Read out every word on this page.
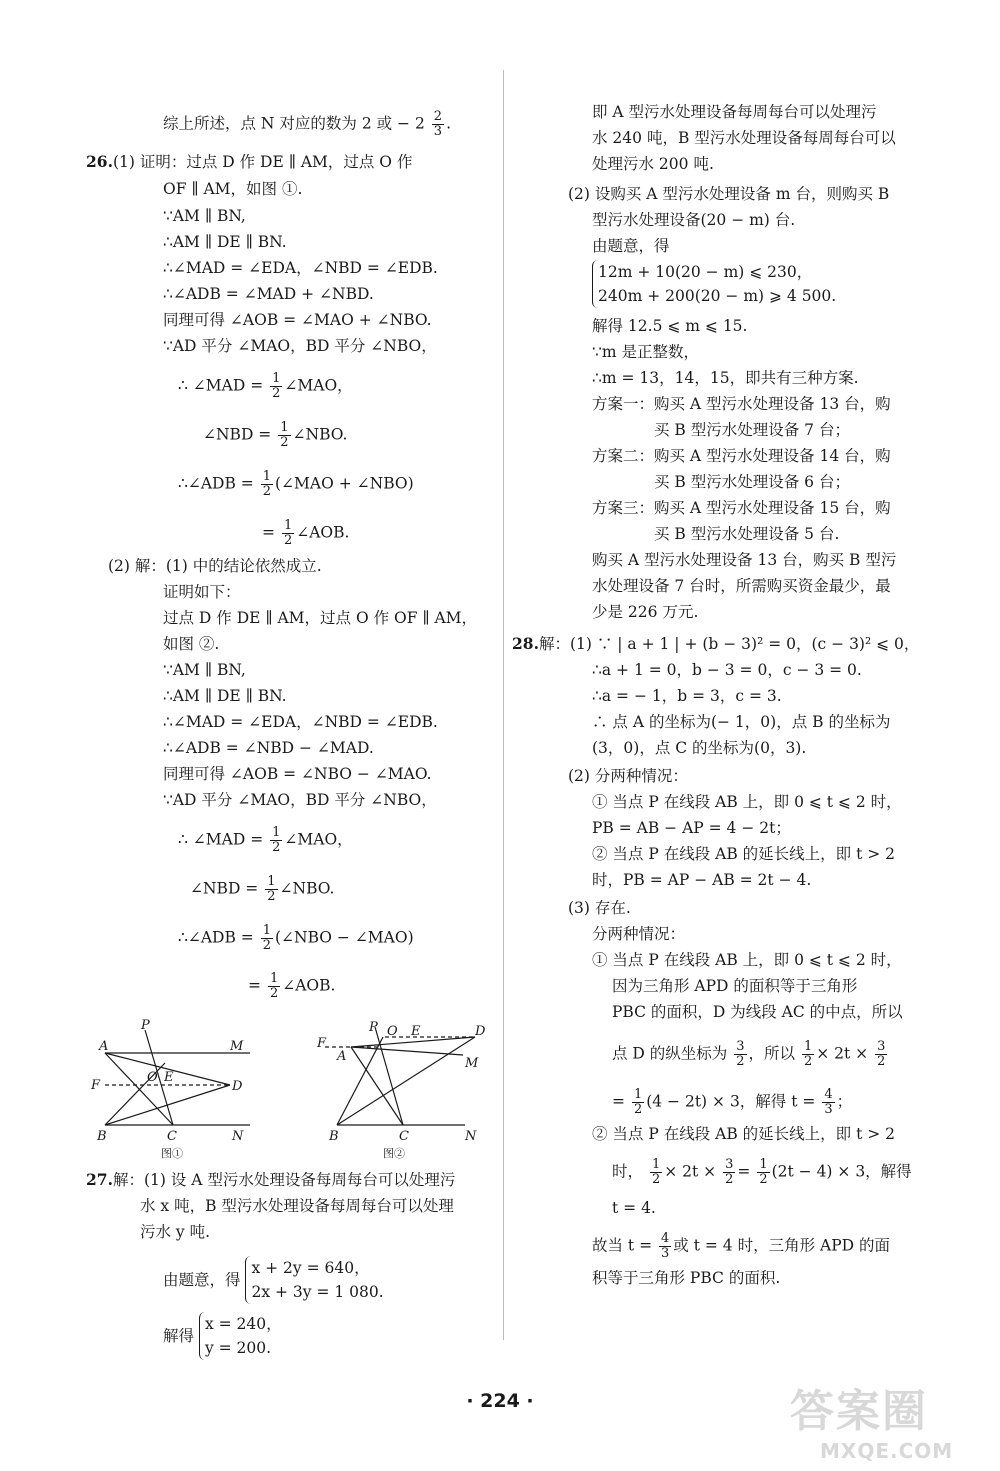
综上所述，点 N 对应的数为 2 或 − $2 \frac{2}{3}$ .
26.(1) 证明：过点 D 作 DE ∥ AM，过点 O 作
OF ∥ AM，如图 ①.
∵AM ∥ BN,
∴AM ∥ DE ∥ BN.
∴∠MAD = ∠EDA，∠NBD = ∠EDB.
∴∠ADB = ∠MAD + ∠NBD.
同理可得 ∠AOB = ∠MAO + ∠NBO.
∵AD 平分 ∠MAO，BD 平分 ∠NBO，
∴ ∠MAD = $\frac{1}{2}$ ∠MAO，
∠NBD = $\frac{1}{2}$ ∠NBO.
∴∠ADB = $\frac{1}{2}$ (∠MAO + ∠NBO)
= $\frac{1}{2}$ ∠AOB.
(2) 解：(1) 中的结论依然成立.
证明如下：
过点 D 作 DE ∥ AM，过点 O 作 OF ∥ AM，
如图 ②.
∵AM ∥ BN,
∴AM ∥ DE ∥ BN.
∴∠MAD = ∠EDA，∠NBD = ∠EDB.
∴∠ADB = ∠NBD − ∠MAD.
同理可得 ∠AOB = ∠NBO − ∠MAO.
∵AD 平分 ∠MAO，BD 平分 ∠NBO，
∴ ∠MAD = $\frac{1}{2}$ ∠MAO，
∠NBD = $\frac{1}{2}$ ∠NBO.
∴∠ADB = $\frac{1}{2}$ (∠NBO − ∠MAO)
= $\frac{1}{2}$ ∠AOB.
P
A	M
F
O E
D
B	C	N
图①
P O E	D
F
A	M
B	C	N
图②
27.解：(1) 设 A 型污水处理设备每周每台可以处理污
水 x 吨，B 型污水处理设备每周每台可以处理
污水 y 吨.
由题意，得
x + 2y = 640，
2x + 3y = 1 080.
解得
x = 240，
y = 200.
即 A 型污水处理设备每周每台可以处理污
水 240 吨，B 型污水处理设备每周每台可以
处理污水 200 吨.
(2) 设购买 A 型污水处理设备 m 台，则购买 B
型污水处理设备(20 − m) 台.
由题意，得
12m + 10(20 − m) ⩽ 230，
240m + 200(20 − m) ⩾ 4 500.
解得 12.5 ⩽ m ⩽ 15.
∵m 是正整数，
∴m = 13，14，15，即共有三种方案.
方案一：购买 A 型污水处理设备 13 台，购
买 B 型污水处理设备 7 台；
方案二：购买 A 型污水处理设备 14 台，购
买 B 型污水处理设备 6 台；
方案三：购买 A 型污水处理设备 15 台，购
买 B 型污水处理设备 5 台.
购买 A 型污水处理设备 13 台，购买 B 型污
水处理设备 7 台时，所需购买资金最少，最
少是 226 万元.
28.解：(1) ∵ | a + 1 | + (b − 3)² = 0，(c − 3)² ⩽ 0，
∴a + 1 = 0，b − 3 = 0，c − 3 = 0.
∴a = − 1，b = 3，c = 3.
∴ 点 A 的坐标为(− 1，0)，点 B 的坐标为
(3，0)，点 C 的坐标为(0，3).
(2) 分两种情况：
① 当点 P 在线段 AB 上，即 0 ⩽ t ⩽ 2 时，
PB = AB − AP = 4 − 2t；
② 当点 P 在线段 AB 的延长线上，即 t > 2
时，PB = AP − AB = 2t − 4.
(3) 存在.
分两种情况：
① 当点 P 在线段 AB 上，即 0 ⩽ t ⩽ 2 时，
因为三角形 APD 的面积等于三角形
PBC 的面积，D 为线段 AC 的中点，所以
点 D 的纵坐标为 $\frac{3}{2}$ ，所以 $\frac{1}{2} \times 2t \times \frac{3}{2}$
= $\frac{1}{2} (4 - 2t) \times 3$，解得 $t = \frac{4}{3}$ ；
② 当点 P 在线段 AB 的延长线上，即 t > 2
时， $\frac{1}{2} \times 2t \times \frac{3}{2} = \frac{1}{2} (2t - 4) \times 3$，解得
t = 4.
故当 $t = \frac{4}{3}$ 或 t = 4 时，三角形 APD 的面
积等于三角形 PBC 的面积.
· 224 ·	答案圈
MXQE.COM
